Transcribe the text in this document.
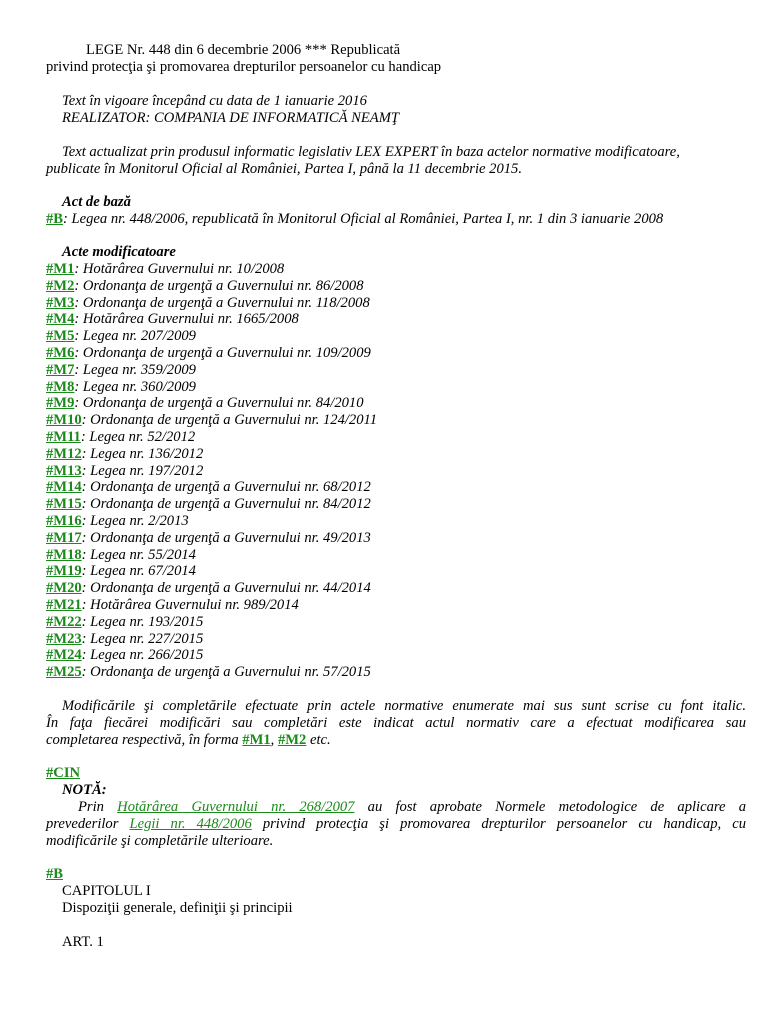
LEGE Nr. 448 din 6 decembrie 2006 *** Republicată
privind protecţia şi promovarea drepturilor persoanelor cu handicap
Text în vigoare începând cu data de 1 ianuarie 2016
REALIZATOR: COMPANIA DE INFORMATICĂ NEAMŢ
Text actualizat prin produsul informatic legislativ LEX EXPERT în baza actelor normative modificatoare,
publicate în Monitorul Oficial al României, Partea I, până la 11 decembrie 2015.
Act de bază
#B: Legea nr. 448/2006, republicată în Monitorul Oficial al României, Partea I, nr. 1 din 3 ianuarie 2008
Acte modificatoare
#M1: Hotărârea Guvernului nr. 10/2008
#M2: Ordonanţa de urgenţă a Guvernului nr. 86/2008
#M3: Ordonanţa de urgenţă a Guvernului nr. 118/2008
#M4: Hotărârea Guvernului nr. 1665/2008
#M5: Legea nr. 207/2009
#M6: Ordonanţa de urgenţă a Guvernului nr. 109/2009
#M7: Legea nr. 359/2009
#M8: Legea nr. 360/2009
#M9: Ordonanţa de urgenţă a Guvernului nr. 84/2010
#M10: Ordonanţa de urgenţă a Guvernului nr. 124/2011
#M11: Legea nr. 52/2012
#M12: Legea nr. 136/2012
#M13: Legea nr. 197/2012
#M14: Ordonanţa de urgenţă a Guvernului nr. 68/2012
#M15: Ordonanţa de urgenţă a Guvernului nr. 84/2012
#M16: Legea nr. 2/2013
#M17: Ordonanţa de urgenţă a Guvernului nr. 49/2013
#M18: Legea nr. 55/2014
#M19: Legea nr. 67/2014
#M20: Ordonanţa de urgenţă a Guvernului nr. 44/2014
#M21: Hotărârea Guvernului nr. 989/2014
#M22: Legea nr. 193/2015
#M23: Legea nr. 227/2015
#M24: Legea nr. 266/2015
#M25: Ordonanţa de urgenţă a Guvernului nr. 57/2015
Modificările şi completările efectuate prin actele normative enumerate mai sus sunt scrise cu font italic.
În faţa fiecărei modificări sau completări este indicat actul normativ care a efectuat modificarea sau
completarea respectivă, în forma #M1, #M2 etc.
#CIN
NOTĂ:
Prin Hotărârea Guvernului nr. 268/2007 au fost aprobate Normele metodologice de aplicare a
prevederilor Legii nr. 448/2006 privind protecţia şi promovarea drepturilor persoanelor cu handicap, cu
modificările şi completările ulterioare.
#B
CAPITOLUL I
Dispoziţii generale, definiţii şi principii
ART. 1
